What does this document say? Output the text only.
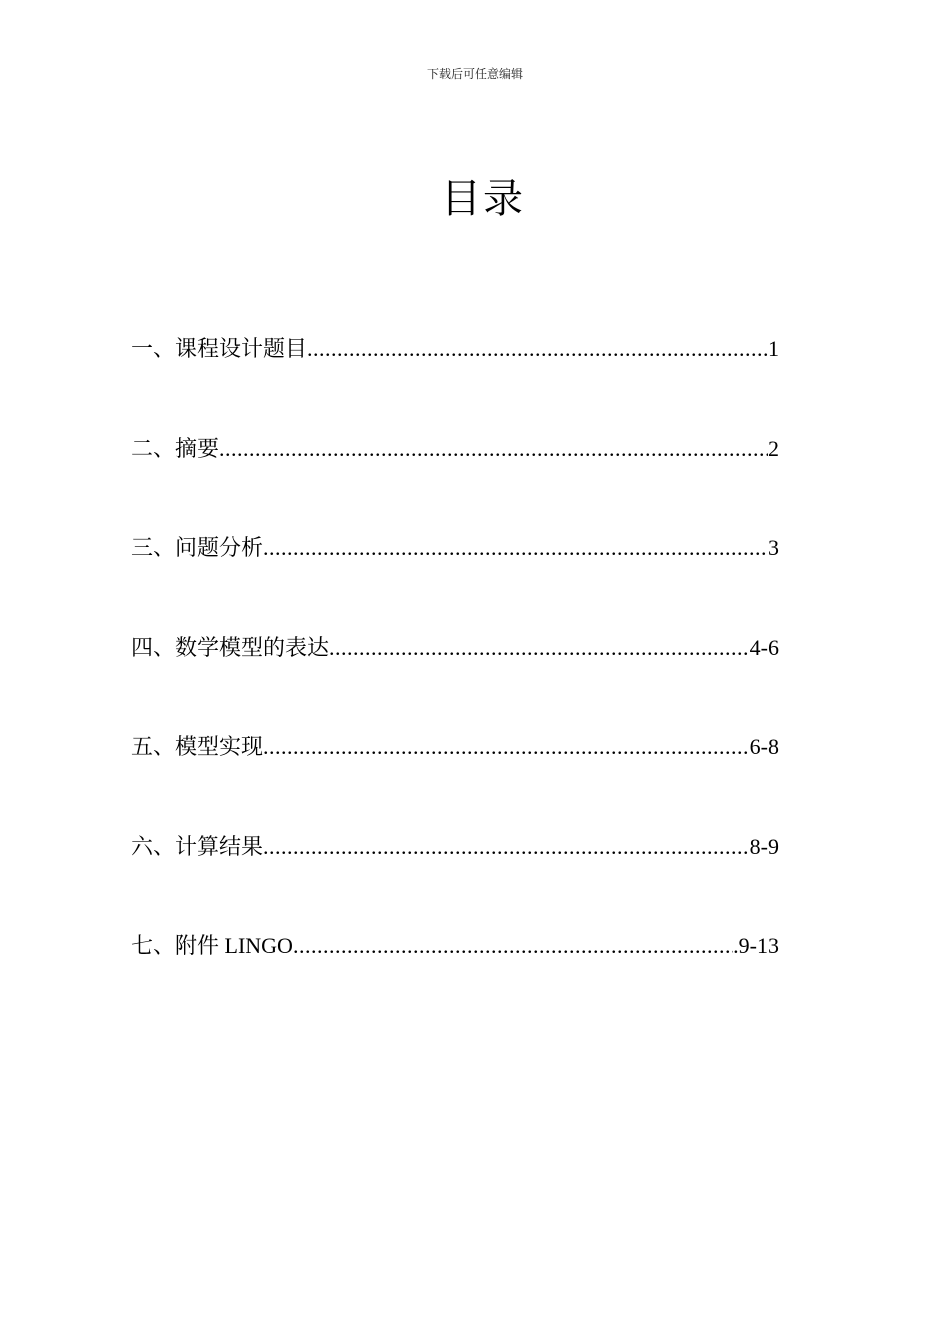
下载后可任意编辑
目录
一、课程设计题目 .....	1
二、摘要 .....	2
三、问题分析 .....	3
四、数学模型的表达 .....	4-6
五、模型实现 .....	6-8
六、计算结果 .....	8-9
七、附件 LINGO .....	.9-13
